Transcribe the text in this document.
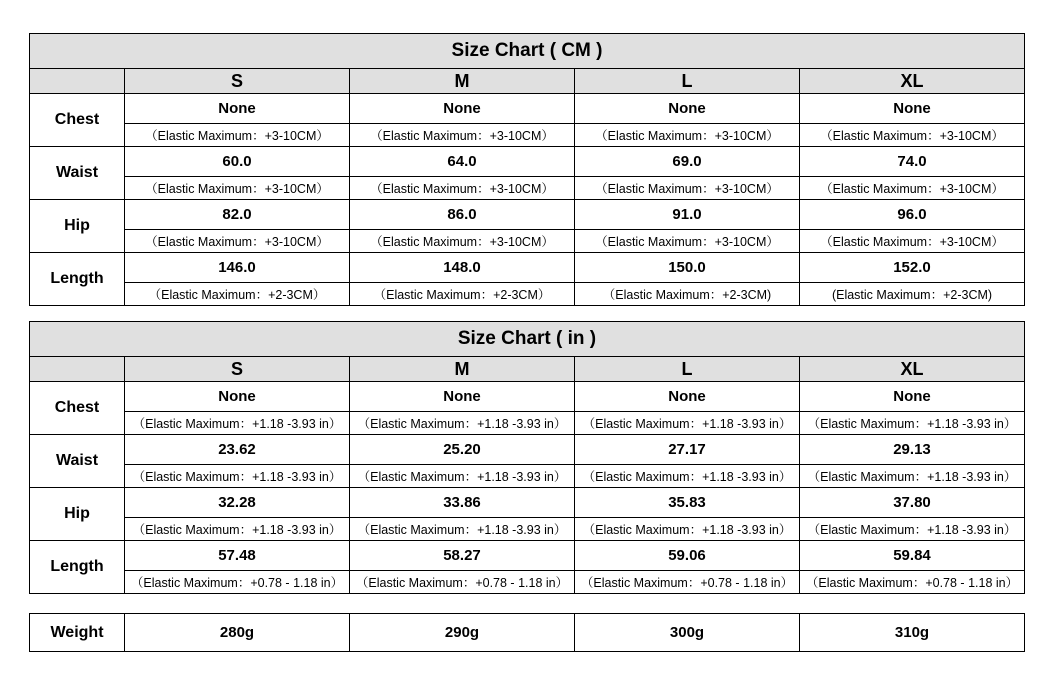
Size Chart ( CM )				
	S	M	L	XL
Chest	None	None	None	None
	（Elastic Maximum：+3-10CM）	（Elastic Maximum：+3-10CM）	（Elastic Maximum：+3-10CM）	（Elastic Maximum：+3-10CM）
Waist	60.0	64.0	69.0	74.0
	（Elastic Maximum：+3-10CM）	（Elastic Maximum：+3-10CM）	（Elastic Maximum：+3-10CM）	（Elastic Maximum：+3-10CM）
Hip	82.0	86.0	91.0	96.0
	（Elastic Maximum：+3-10CM）	（Elastic Maximum：+3-10CM）	（Elastic Maximum：+3-10CM）	（Elastic Maximum：+3-10CM）
Length	146.0	148.0	150.0	152.0
	（Elastic Maximum：+2-3CM）	（Elastic Maximum：+2-3CM）	（Elastic Maximum：+2-3CM)	(Elastic Maximum：+2-3CM)
Size Chart ( in )				
	S	M	L	XL
Chest	None	None	None	None
	（Elastic Maximum：+1.18 -3.93 in）	（Elastic Maximum：+1.18 -3.93 in）	（Elastic Maximum：+1.18 -3.93 in）	（Elastic Maximum：+1.18 -3.93 in）
Waist	23.62	25.20	27.17	29.13
	（Elastic Maximum：+1.18 -3.93 in）	（Elastic Maximum：+1.18 -3.93 in）	（Elastic Maximum：+1.18 -3.93 in）	（Elastic Maximum：+1.18 -3.93 in）
Hip	32.28	33.86	35.83	37.80
	（Elastic Maximum：+1.18 -3.93 in）	（Elastic Maximum：+1.18 -3.93 in）	（Elastic Maximum：+1.18 -3.93 in）	（Elastic Maximum：+1.18 -3.93 in）
Length	57.48	58.27	59.06	59.84
	（Elastic Maximum：+0.78 - 1.18 in）	（Elastic Maximum：+0.78 - 1.18 in）	（Elastic Maximum：+0.78 - 1.18 in）	（Elastic Maximum：+0.78 - 1.18 in）
Weight	280g	290g	300g	310g
